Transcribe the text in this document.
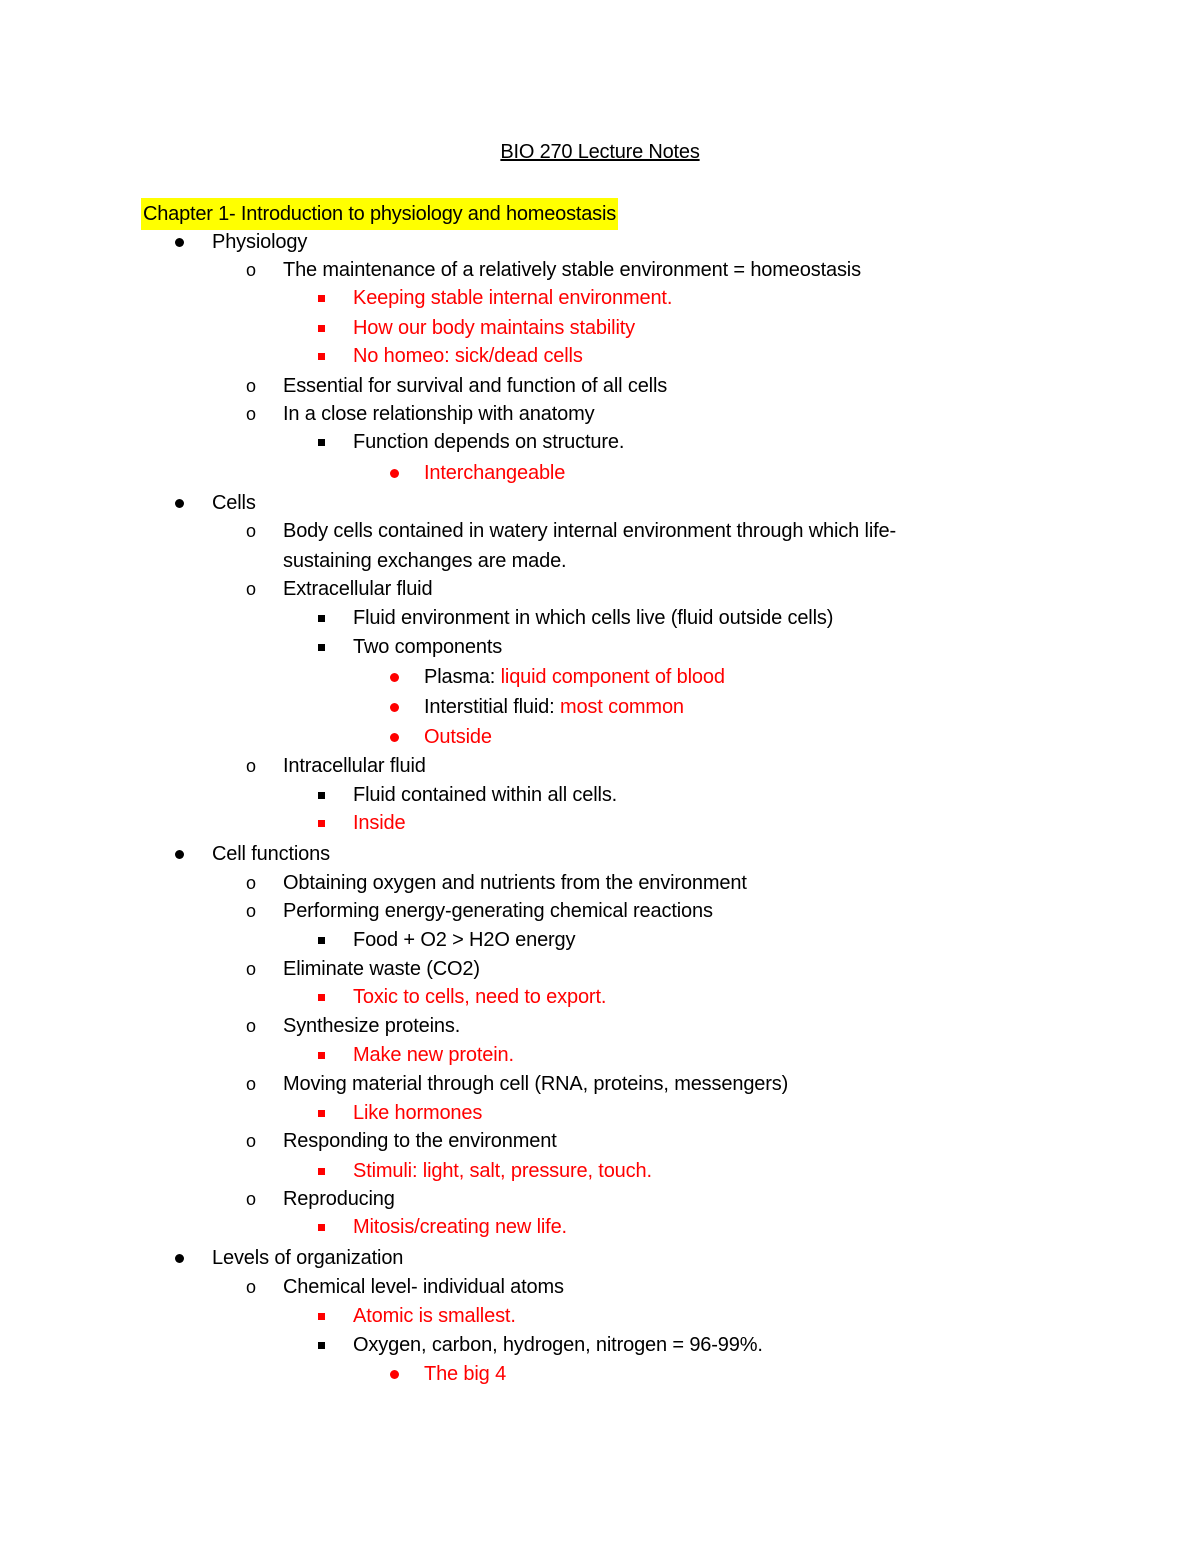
BIO 270 Lecture Notes
Chapter 1- Introduction to physiology and homeostasis
Physiology
o The maintenance of a relatively stable environment = homeostasis
Keeping stable internal environment.
How our body maintains stability
No homeo: sick/dead cells
o Essential for survival and function of all cells
o In a close relationship with anatomy
Function depends on structure.
Interchangeable
Cells
o Body cells contained in watery internal environment through which life-
sustaining exchanges are made.
o Extracellular fluid
Fluid environment in which cells live (fluid outside cells)
Two components
Plasma: liquid component of blood
Interstitial fluid: most common
Outside
o Intracellular fluid
Fluid contained within all cells.
Inside
Cell functions
o Obtaining oxygen and nutrients from the environment
o Performing energy-generating chemical reactions
Food + O2 > H2O energy
o Eliminate waste (CO2)
Toxic to cells, need to export.
o Synthesize proteins.
Make new protein.
o Moving material through cell (RNA, proteins, messengers)
Like hormones
o Responding to the environment
Stimuli: light, salt, pressure, touch.
o Reproducing
Mitosis/creating new life.
Levels of organization
o Chemical level- individual atoms
Atomic is smallest.
Oxygen, carbon, hydrogen, nitrogen = 96-99%.
The big 4
